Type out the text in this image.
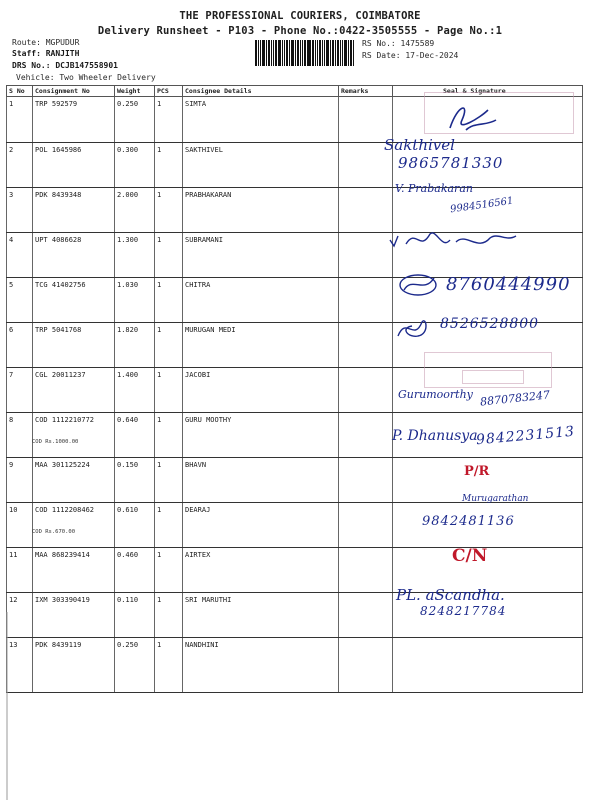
THE PROFESSIONAL COURIERS, COIMBATORE
Delivery Runsheet - P103 - Phone No.:0422-3505555 - Page No.:1
Route: MGPUDUR
Staff: RANJITH
DRS No.: DCJB147558901
Vehicle: Two Wheeler Delivery
RS No.: 1475589
RS Date: 17-Dec-2024
S No	Consignment No	Weight	PCS	Consignee Details	Remarks	Seal & Signature
1	TRP 592579	0.250	1	SIMTA		
2	POL 1645986	0.300	1	SAKTHIVEL		
3	PDK 8439348	2.000	1	PRABHAKARAN		
4	UPT 4086628	1.300	1	SUBRAMANI		
5	TCG 41402756	1.030	1	CHITRA		
6	TRP 5041768	1.820	1	MURUGAN MEDI		
7	CGL 20011237	1.400	1	JACOBI		
8	COD 1112210772
COD Rs.1000.00	0.640	1	GURU MOOTHY		
9	MAA 301125224	0.150	1	BHAVN		
10	COD 1112208462
COD Rs.670.00	0.610	1	DEARAJ		
11	MAA 868239414	0.460	1	AIRTEX		
12	IXM 303390419	0.110	1	SRI MARUTHI		
13	PDK 8439119	0.250	1	NANDHINI		
Sakthivel
9865781330
V. Prabakaran
9984516561
8760444990
8526528800
Gurumoorthy 8870783247
P. Dhanusya
9842231513
P/R
Murugarathan
9842481136
C/N
PL. aScandha.
8248217784
